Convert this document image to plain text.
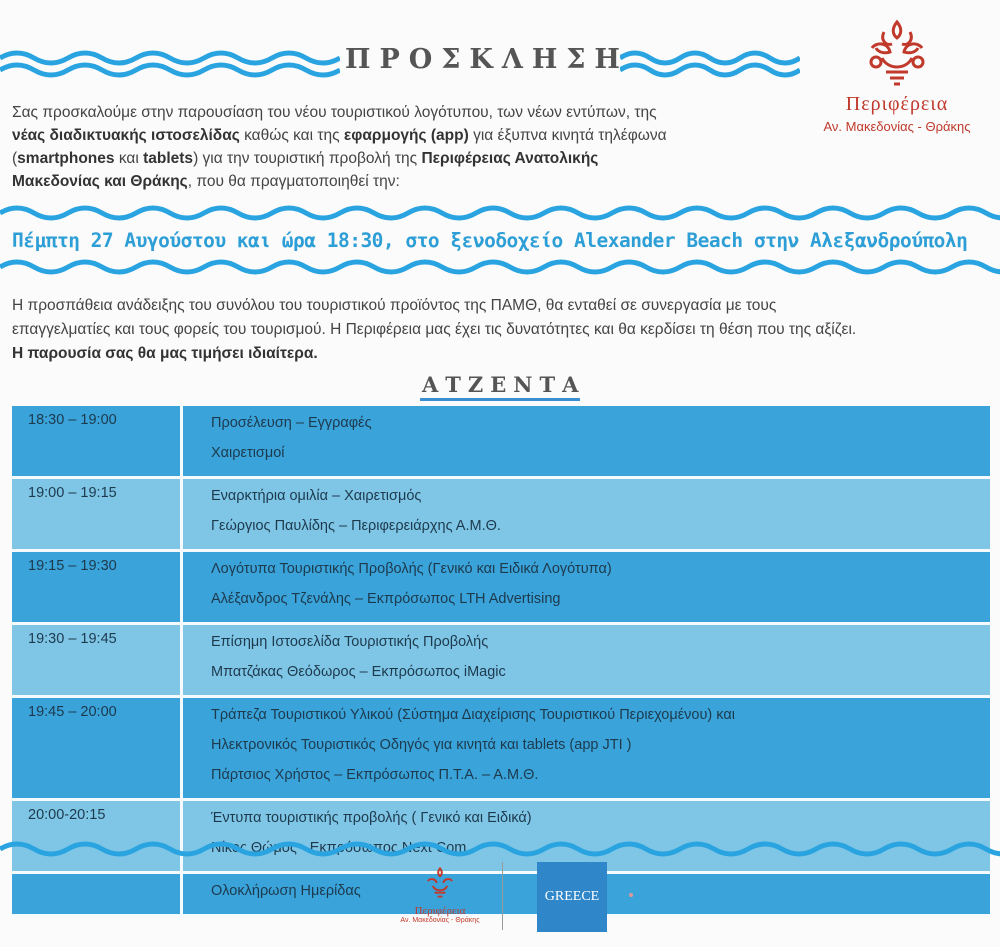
ΠΡΟΣΚΛΗΣΗ
Περιφέρεια
Αν. Μακεδονίας - Θράκης
Σας προσκαλούμε στην παρουσίαση του νέου τουριστικού λογότυπου, των νέων εντύπων, της
νέας διαδικτυακής ιστοσελίδας καθώς και της εφαρμογής (app) για έξυπνα κινητά τηλέφωνα
(smartphones και tablets) για την τουριστική προβολή της Περιφέρειας Ανατολικής
Μακεδονίας και Θράκης, που θα πραγματοποιηθεί την:
Πέμπτη 27 Αυγούστου και ώρα 18:30, στο ξενοδοχείο Alexander Beach στην Αλεξανδρούπολη
Η προσπάθεια ανάδειξης του συνόλου του τουριστικού προϊόντος της ΠΑΜΘ, θα ενταθεί σε συνεργασία με τους
επαγγελματίες και τους φορείς του τουρισμού. Η Περιφέρεια μας έχει τις δυνατότητες και θα κερδίσει τη θέση που της αξίζει.
Η παρουσία σας θα μας τιμήσει ιδιαίτερα.
ΑΤΖΕΝΤΑ
18:30 – 19:00	Προσέλευση – Εγγραφές
Χαιρετισμοί

19:00 – 19:15	Εναρκτήρια ομιλία – Χαιρετισμός
Γεώργιος Παυλίδης – Περιφερειάρχης Α.Μ.Θ.

19:15 – 19:30	Λογότυπα Τουριστικής Προβολής (Γενικό και Ειδικά Λογότυπα)
Αλέξανδρος Τζενάλης – Εκπρόσωπος LTH Advertising

19:30 – 19:45	Επίσημη Ιστοσελίδα Τουριστικής Προβολής
Μπατζάκας Θεόδωρος – Εκπρόσωπος iMagic

19:45 – 20:00	Τράπεζα Τουριστικού Υλικού (Σύστημα Διαχείρισης Τουριστικού Περιεχομένου) και
Ηλεκτρονικός Τουριστικός Οδηγός για κινητά και tablets (app JTI )
Πάρτσιος Χρήστος – Εκπρόσωπος Π.Τ.Α. – Α.Μ.Θ.

20:00-20:15	Έντυπα τουριστικής προβολής ( Γενικό και Ειδικά)
Νίκος Θώμος - Εκπρόσωπος Next Com

	Ολοκλήρωση Ημερίδας
Περιφέρεια
Αν. Μακεδονίας - Θράκης
GREECE
